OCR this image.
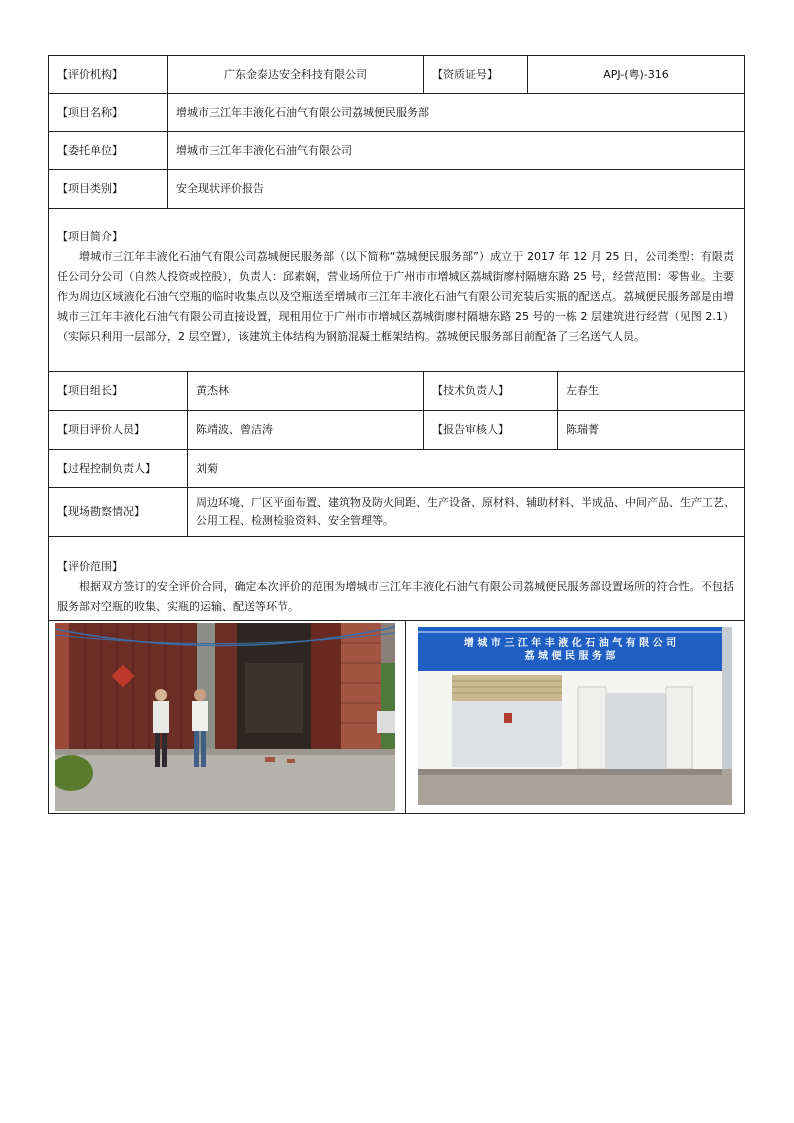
【评价机构】	广东金泰达安全科技有限公司	【资质证号】	APJ-(粤)-316
【项目名称】	增城市三江年丰液化石油气有限公司荔城便民服务部
【委托单位】	增城市三江年丰液化石油气有限公司
【项目类别】	安全现状评价报告
【项目简介】
增城市三江年丰液化石油气有限公司荔城便民服务部（以下简称“荔城便民服务部”）成立于 2017 年 12 月 25 日，公司类型：有限责任公司分公司（自然人投资或控股），负责人：邱素娴，营业场所位于广州市市增城区荔城街廖村隔塘东路 25 号，经营范围：零售业。主要作为周边区域液化石油气空瓶的临时收集点以及空瓶送至增城市三江年丰液化石油气有限公司充装后实瓶的配送点。荔城便民服务部是由增城市三江年丰液化石油气有限公司直接设置，现租用位于广州市市增城区荔城街廖村隔塘东路 25 号的一栋 2 层建筑进行经营（见图 2.1）（实际只利用一层部分，2 层空置），该建筑主体结构为钢筋混凝土框架结构。荔城便民服务部目前配备了三名送气人员。
【项目组长】	黄杰林	【技术负责人】	左春生
【项目评价人员】	陈靖波、曾洁涛	【报告审核人】	陈瑞菁
【过程控制负责人】	刘菊
【现场勘察情况】
周边环境、厂区平面布置、建筑物及防火间距、生产设备、原材料、辅助材料、半成品、中间产品、生产工艺、公用工程、检测检验资料、安全管理等。
【评价范围】
根据双方签订的安全评价合同，确定本次评价的范围为增城市三江年丰液化石油气有限公司荔城便民服务部设置场所的符合性。不包括服务部对空瓶的收集、实瓶的运输、配送等环节。
增 城 市 三 江 年 丰 液 化 石 油 气 有 限 公 司
荔 城 便 民 服 务 部
